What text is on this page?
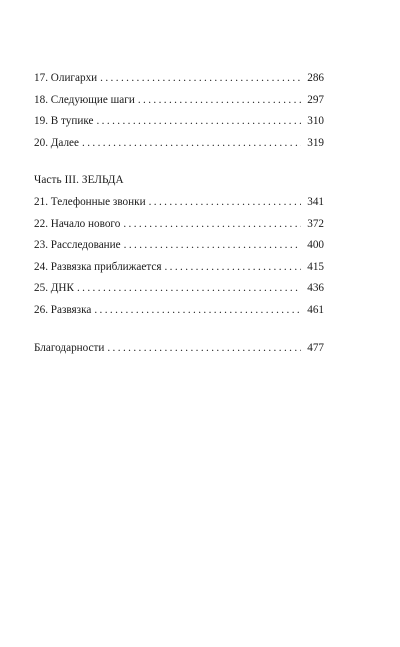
17. Олигархи . . .	286
18. Следующие шаги . . .	297
19. В тупике . . .	310
20. Далее . . .	319
Часть III. ЗЕЛЬДА
21. Телефонные звонки . . .	341
22. Начало нового . . .	372
23. Расследование . . .	400
24. Развязка приближается . . .	415
25. ДНК . . .	436
26. Развязка . . .	461
Благодарности . . .	477
